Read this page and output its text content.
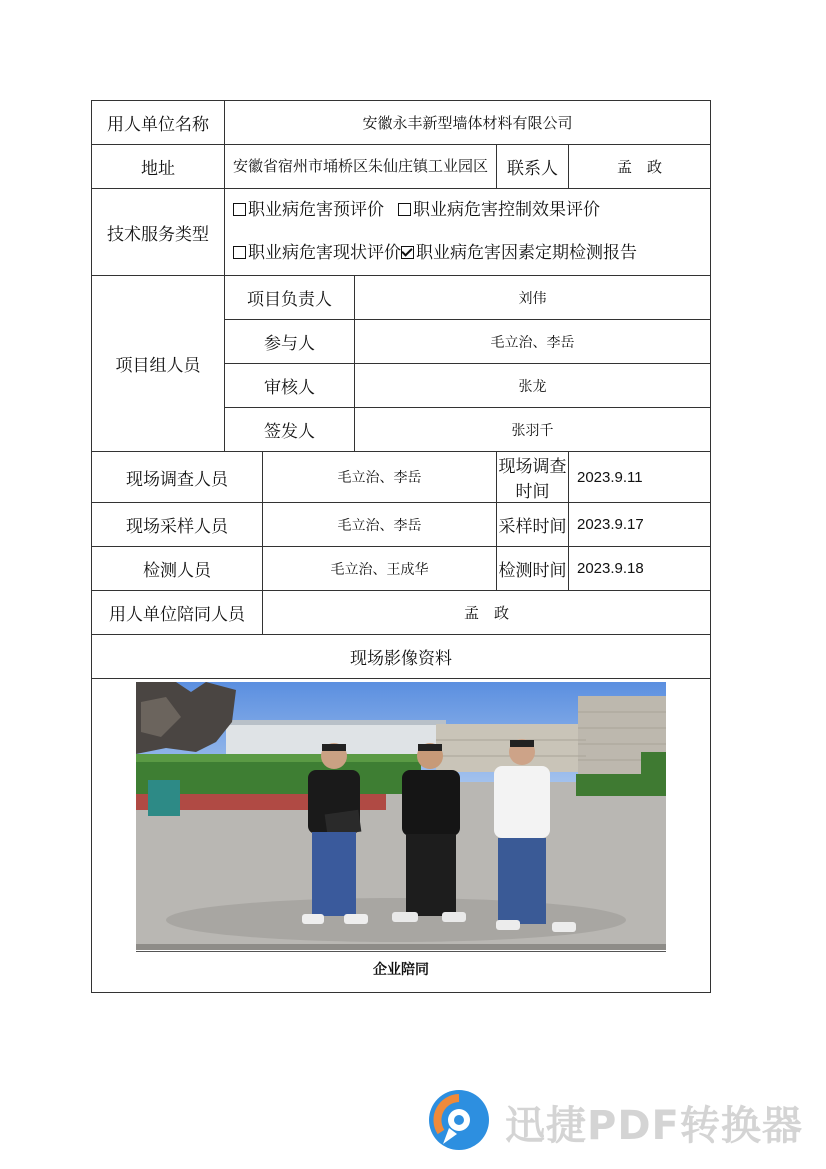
用人单位名称	安徽永丰新型墙体材料有限公司				
地址	安徽省宿州市埇桥区朱仙庄镇工业园区			联系人	孟　政
技术服务类型	职业病危害预评价 职业病危害控制效果评价
职业病危害现状评价 职业病危害因素定期检测报告				

项目组人员	项目负责人		刘伟		
	参与人		毛立治、李岳		
	审核人		张龙		
	签发人		张羽千		
现场调查人员		毛立治、李岳		现场调查时间	2023.9.11
现场采样人员		毛立治、李岳		采样时间	2023.9.17
检测人员		毛立治、王成华		检测时间	2023.9.18
用人单位陪同人员		孟　政			
现场影像资料					

企业陪同					
迅捷PDF转换器
